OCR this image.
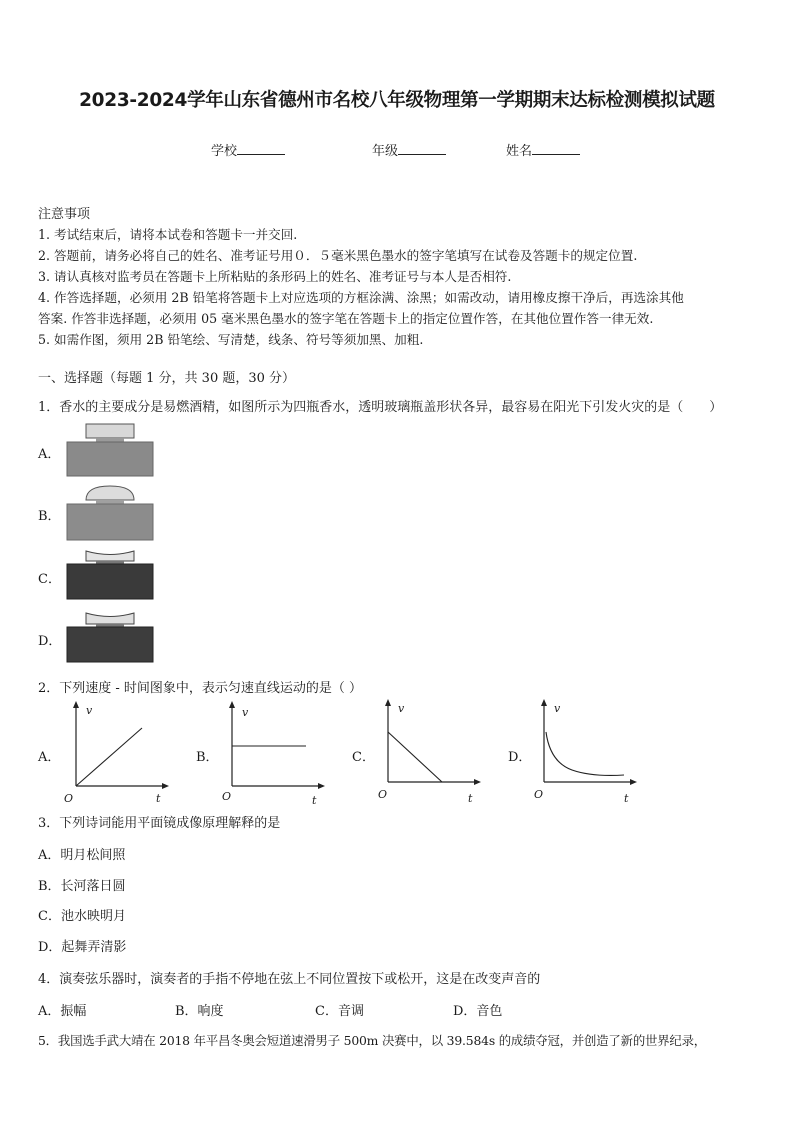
2023-2024学年山东省德州市名校八年级物理第一学期期末达标检测模拟试题
学校	年级	姓名
注意事项
1. 考试结束后，请将本试卷和答题卡一并交回.
2. 答题前，请务必将自己的姓名、准考证号用０．５毫米黑色墨水的签字笔填写在试卷及答题卡的规定位置.
3. 请认真核对监考员在答题卡上所粘贴的条形码上的姓名、准考证号与本人是否相符.
4. 作答选择题，必须用 2B 铅笔将答题卡上对应选项的方框涂满、涂黑；如需改动，请用橡皮擦干净后，再选涂其他
答案. 作答非选择题，必须用 05 毫米黑色墨水的签字笔在答题卡上的指定位置作答，在其他位置作答一律无效.
5. 如需作图，须用 2B 铅笔绘、写清楚，线条、符号等须加黑、加粗.
一、选择题（每题 1 分，共 30 题，30 分）
1．香水的主要成分是易燃酒精，如图所示为四瓶香水，透明玻璃瓶盖形状各异，最容易在阳光下引发火灾的是（　　）
A．
B．
C．
D．
2．下列速度 - 时间图象中，表示匀速直线运动的是（ ）
A．
v
O	t
B．
v
O	t
C．
v
O	t
D．
v
O	t
3．下列诗词能用平面镜成像原理解释的是
A．明月松间照
B．长河落日圆
C．池水映明月
D．起舞弄清影
4．演奏弦乐器时，演奏者的手指不停地在弦上不同位置按下或松开，这是在改变声音的
A．振幅	B．响度	C．音调	D．音色
5．我国选手武大靖在 2018 年平昌冬奥会短道速滑男子 500m 决赛中，以 39.584s 的成绩夺冠，并创造了新的世界纪录，
